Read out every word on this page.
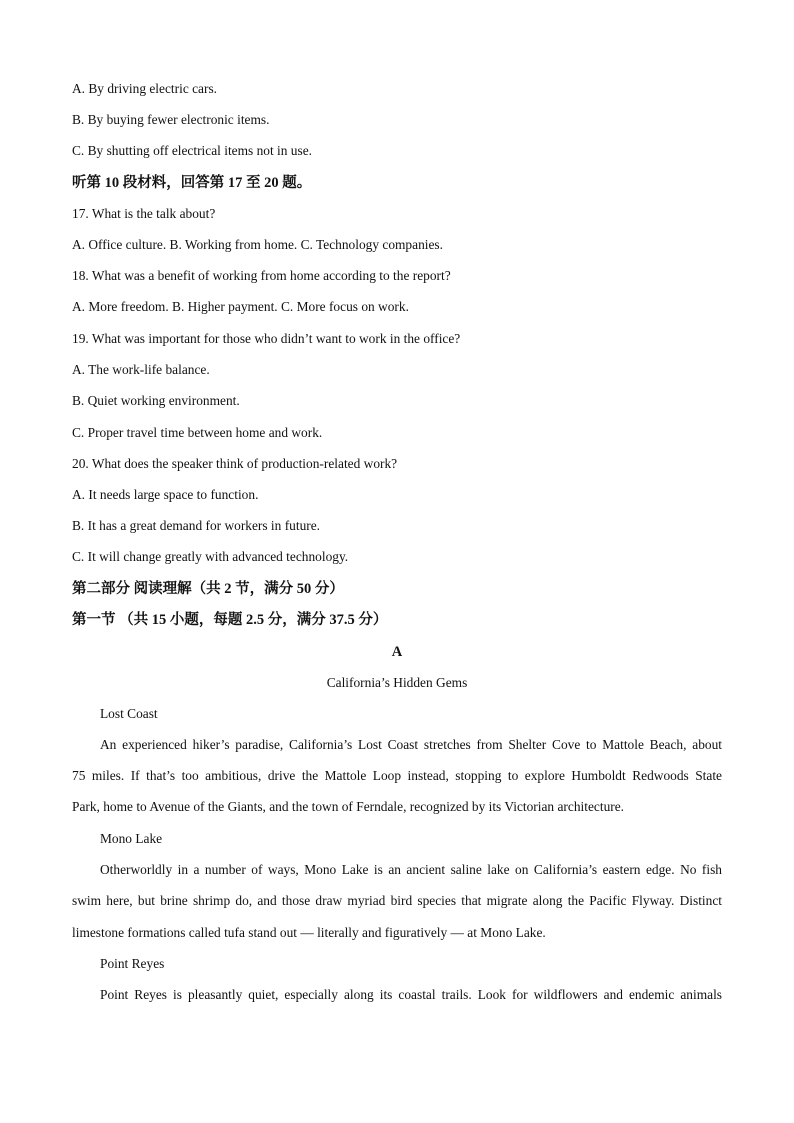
A. By driving electric cars.
B. By buying fewer electronic items.
C. By shutting off electrical items not in use.
听第 10 段材料，回答第 17 至 20 题。
17. What is the talk about?
A. Office culture. B. Working from home. C. Technology companies.
18. What was a benefit of working from home according to the report?
A. More freedom. B. Higher payment. C. More focus on work.
19. What was important for those who didn’t want to work in the office?
A. The work-life balance.
B. Quiet working environment.
C. Proper travel time between home and work.
20. What does the speaker think of production-related work?
A. It needs large space to function.
B. It has a great demand for workers in future.
C. It will change greatly with advanced technology.
第二部分 阅读理解（共 2 节，满分 50 分）
第一节 （共 15 小题，每题 2.5 分，满分 37.5 分）
A
California’s Hidden Gems
Lost Coast
An experienced hiker’s paradise, California’s Lost Coast stretches from Shelter Cove to Mattole Beach, about
75 miles. If that’s too ambitious, drive the Mattole Loop instead, stopping to explore Humboldt Redwoods State
Park, home to Avenue of the Giants, and the town of Ferndale, recognized by its Victorian architecture.
Mono Lake
Otherworldly in a number of ways, Mono Lake is an ancient saline lake on California’s eastern edge. No fish
swim here, but brine shrimp do, and those draw myriad bird species that migrate along the Pacific Flyway. Distinct
limestone formations called tufa stand out — literally and figuratively — at Mono Lake.
Point Reyes
Point Reyes is pleasantly quiet, especially along its coastal trails. Look for wildflowers and endemic animals
